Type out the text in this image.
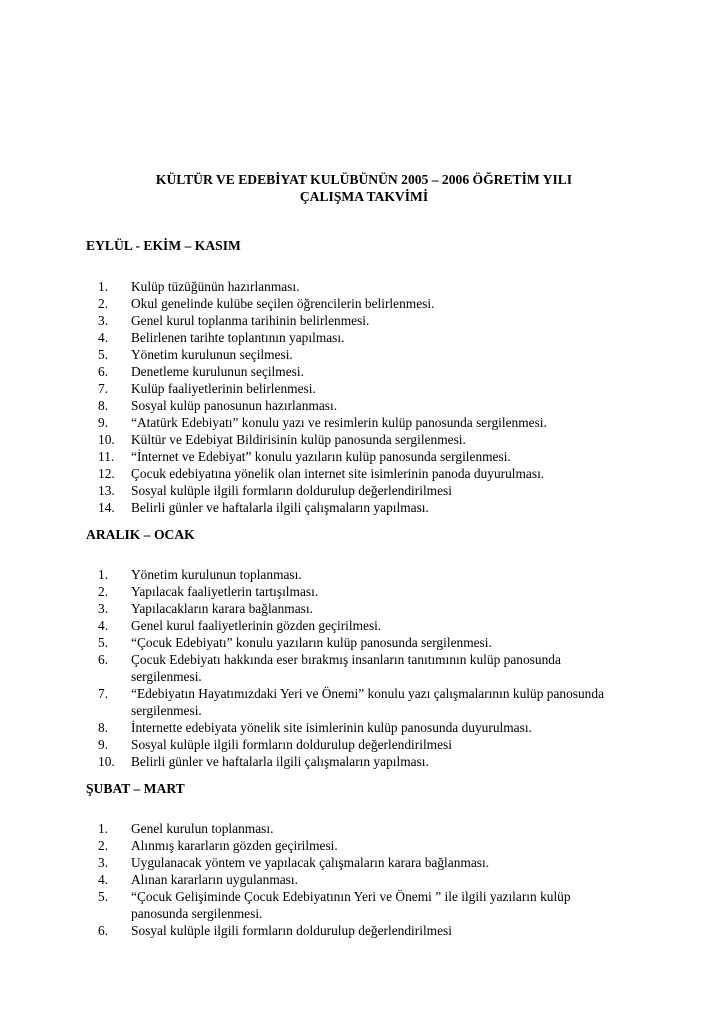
KÜLTÜR VE EDEBİYAT KULÜBÜNÜN 2005 – 2006 ÖĞRETİM YILI
ÇALIŞMA TAKVİMİ
EYLÜL - EKİM – KASIM
1.	Kulüp tüzüğünün hazırlanması.
2.	Okul genelinde kulübe seçilen öğrencilerin belirlenmesi.
3.	Genel kurul toplanma tarihinin belirlenmesi.
4.	Belirlenen tarihte toplantının yapılması.
5.	Yönetim kurulunun seçilmesi.
6.	Denetleme kurulunun seçilmesi.
7.	Kulüp faaliyetlerinin belirlenmesi.
8.	Sosyal kulüp panosunun hazırlanması.
9.	“Atatürk Edebiyatı” konulu yazı ve resimlerin kulüp panosunda sergilenmesi.
10.	Kültür ve Edebiyat Bildirisinin kulüp panosunda sergilenmesi.
11.	“İnternet ve Edebiyat” konulu yazıların kulüp panosunda sergilenmesi.
12.	Çocuk edebiyatına yönelik olan internet site isimlerinin panoda duyurulması.
13.	Sosyal kulüple ilgili formların doldurulup değerlendirilmesi
14.	Belirli günler ve haftalarla ilgili çalışmaların yapılması.
ARALIK – OCAK
1.	Yönetim kurulunun toplanması.
2.	Yapılacak faaliyetlerin tartışılması.
3.	Yapılacakların karara bağlanması.
4.	Genel kurul faaliyetlerinin gözden geçirilmesi.
5.	“Çocuk Edebiyatı” konulu yazıların kulüp panosunda sergilenmesi.
6.	Çocuk Edebiyatı hakkında eser bırakmış insanların tanıtımının kulüp panosunda sergilenmesi.
7.	“Edebiyatın Hayatımızdaki Yeri ve Önemi” konulu yazı çalışmalarının kulüp panosunda sergilenmesi.
8.	İnternette edebiyata yönelik site isimlerinin kulüp panosunda duyurulması.
9.	Sosyal kulüple ilgili formların doldurulup değerlendirilmesi
10.	Belirli günler ve haftalarla ilgili çalışmaların yapılması.
ŞUBAT – MART
1.	Genel kurulun toplanması.
2.	Alınmış kararların gözden geçirilmesi.
3.	Uygulanacak yöntem ve yapılacak çalışmaların karara bağlanması.
4.	Alınan kararların uygulanması.
5.	“Çocuk Gelişiminde Çocuk Edebiyatının Yeri ve Önemi ” ile ilgili yazıların kulüp panosunda sergilenmesi.
6.	Sosyal kulüple ilgili formların doldurulup değerlendirilmesi
